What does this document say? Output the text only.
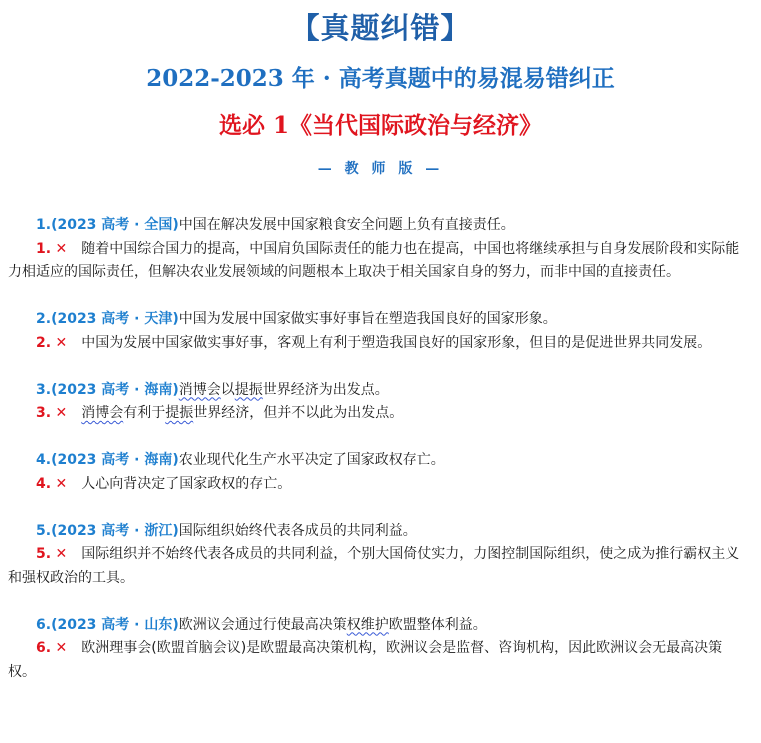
【真题纠错】
2022-2023 年 · 高考真题中的易混易错纠正
选必 1《当代国际政治与经济》
— 教 师 版 —
1.(2023 高考 · 全国)中国在解决发展中国家粮食安全问题上负有直接责任。
1. ✕ 随着中国综合国力的提高，中国肩负国际责任的能力也在提高，中国也将继续承担与自身发展阶段和实际能力相适应的国际责任，但解决农业发展领域的问题根本上取决于相关国家自身的努力，而非中国的直接责任。
2.(2023 高考 · 天津)中国为发展中国家做实事好事旨在塑造我国良好的国家形象。
2. ✕ 中国为发展中国家做实事好事，客观上有利于塑造我国良好的国家形象，但目的是促进世界共同发展。
3.(2023 高考 · 海南)消博会以提振世界经济为出发点。
3. ✕ 消博会有利于提振世界经济，但并不以此为出发点。
4.(2023 高考 · 海南)农业现代化生产水平决定了国家政权存亡。
4. ✕ 人心向背决定了国家政权的存亡。
5.(2023 高考 · 浙江)国际组织始终代表各成员的共同利益。
5. ✕ 国际组织并不始终代表各成员的共同利益，个别大国倚仗实力，力图控制国际组织，使之成为推行霸权主义和强权政治的工具。
6.(2023 高考 · 山东)欧洲议会通过行使最高决策权维护欧盟整体利益。
6. ✕ 欧洲理事会(欧盟首脑会议)是欧盟最高决策机构，欧洲议会是监督、咨询机构，因此欧洲议会无最高决策权。
